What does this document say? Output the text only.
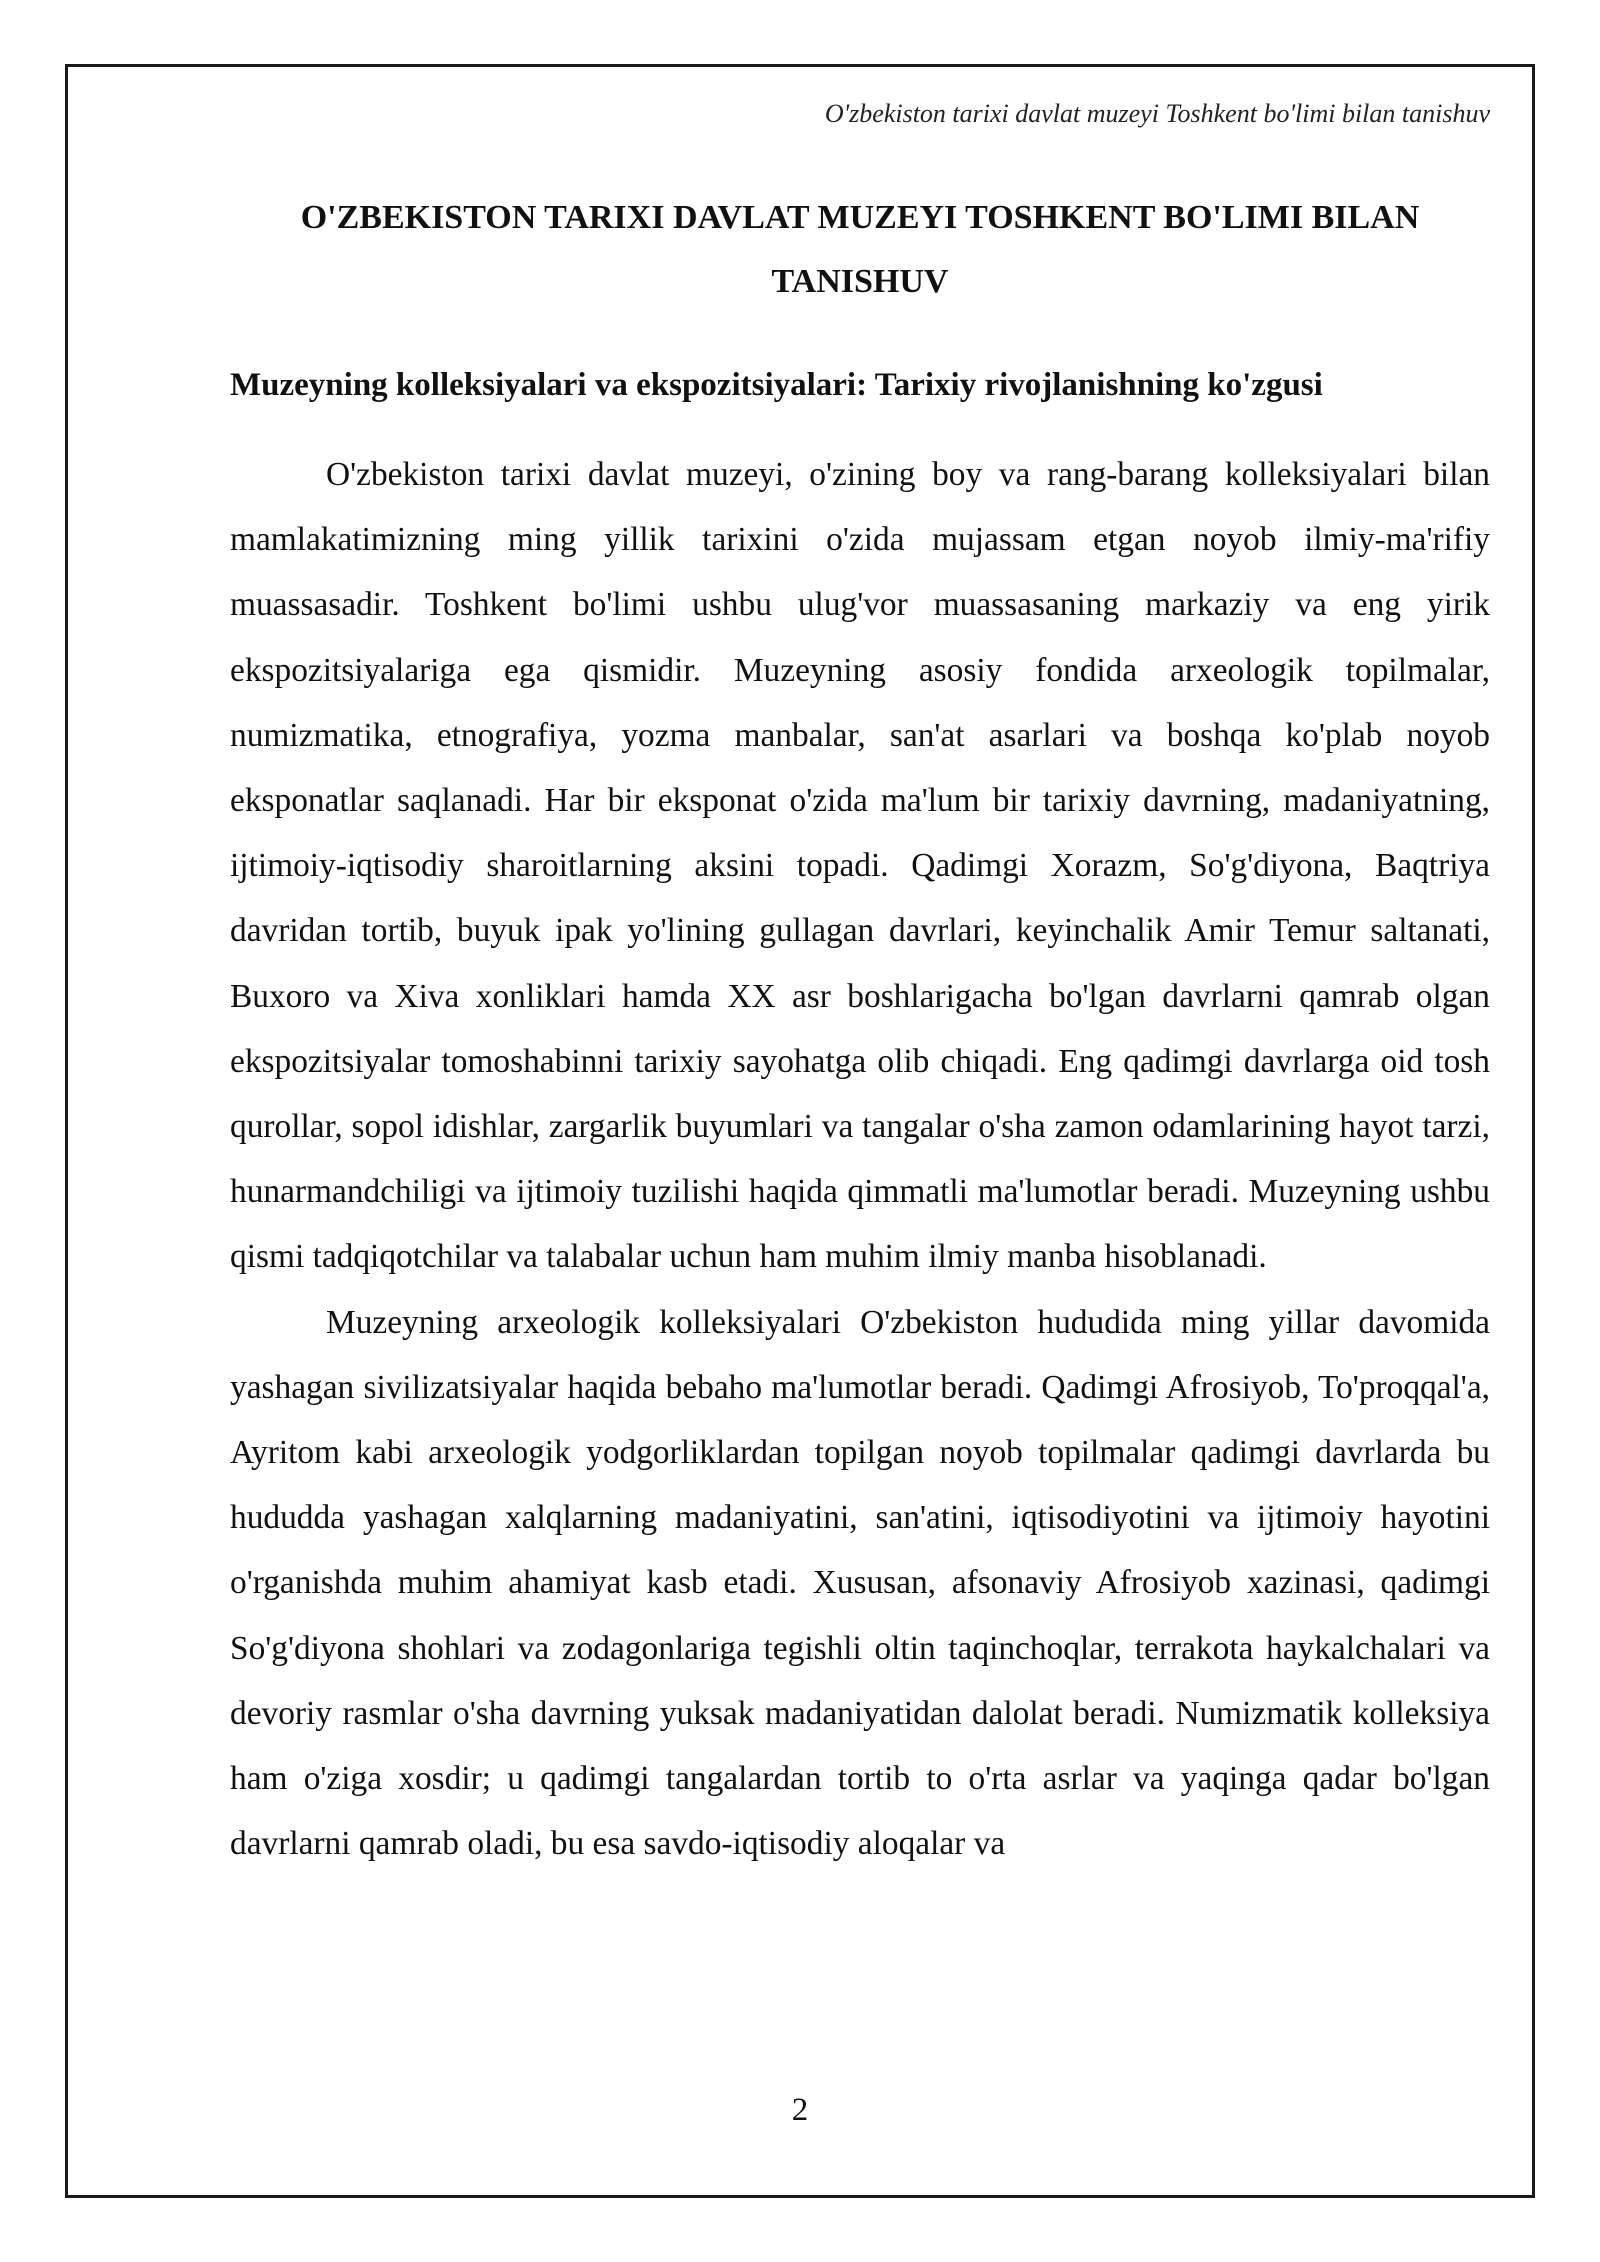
O'zbekiston tarixi davlat muzeyi Toshkent bo'limi bilan tanishuv
O'ZBEKISTON TARIXI DAVLAT MUZEYI TOSHKENT BO'LIMI BILAN
TANISHUV
Muzeyning kolleksiyalari va ekspozitsiyalari: Tarixiy rivojlanishning ko'zgusi

O'zbekiston tarixi davlat muzeyi, o'zining boy va rang-barang kolleksiyalari bilan mamlakatimizning ming yillik tarixini o'zida mujassam etgan noyob ilmiy-ma'rifiy muassasadir. Toshkent bo'limi ushbu ulug'vor muassasaning markaziy va eng yirik ekspozitsiyalariga ega qismidir. Muzeyning asosiy fondida arxeologik topilmalar, numizmatika, etnografiya, yozma manbalar, san'at asarlari va boshqa ko'plab noyob eksponatlar saqlanadi. Har bir eksponat o'zida ma'lum bir tarixiy davrning, madaniyatning, ijtimoiy-iqtisodiy sharoitlarning aksini topadi. Qadimgi Xorazm, So'g'diyona, Baqtriya davridan tortib, buyuk ipak yo'lining gullagan davrlari, keyinchalik Amir Temur saltanati, Buxoro va Xiva xonliklari hamda XX asr boshlarigacha bo'lgan davrlarni qamrab olgan ekspozitsiyalar tomoshabinni tarixiy sayohatga olib chiqadi. Eng qadimgi davrlarga oid tosh qurollar, sopol idishlar, zargarlik buyumlari va tangalar o'sha zamon odamlarining hayot tarzi, hunarmandchiligi va ijtimoiy tuzilishi haqida qimmatli ma'lumotlar beradi. Muzeyning ushbu qismi tadqiqotchilar va talabalar uchun ham muhim ilmiy manba hisoblanadi.

Muzeyning arxeologik kolleksiyalari O'zbekiston hududida ming yillar davomida yashagan sivilizatsiyalar haqida bebaho ma'lumotlar beradi. Qadimgi Afrosiyob, To'proqqal'a, Ayritom kabi arxeologik yodgorliklardan topilgan noyob topilmalar qadimgi davrlarda bu hududda yashagan xalqlarning madaniyatini, san'atini, iqtisodiyotini va ijtimoiy hayotini o'rganishda muhim ahamiyat kasb etadi. Xususan, afsonaviy Afrosiyob xazinasi, qadimgi So'g'diyona shohlari va zodagonlariga tegishli oltin taqinchoqlar, terrakota haykalchalari va devoriy rasmlar o'sha davrning yuksak madaniyatidan dalolat beradi. Numizmatik kolleksiya ham o'ziga xosdir; u qadimgi tangalardan tortib to o'rta asrlar va yaqinga qadar bo'lgan davrlarni qamrab oladi, bu esa savdo-iqtisodiy aloqalar va

2
